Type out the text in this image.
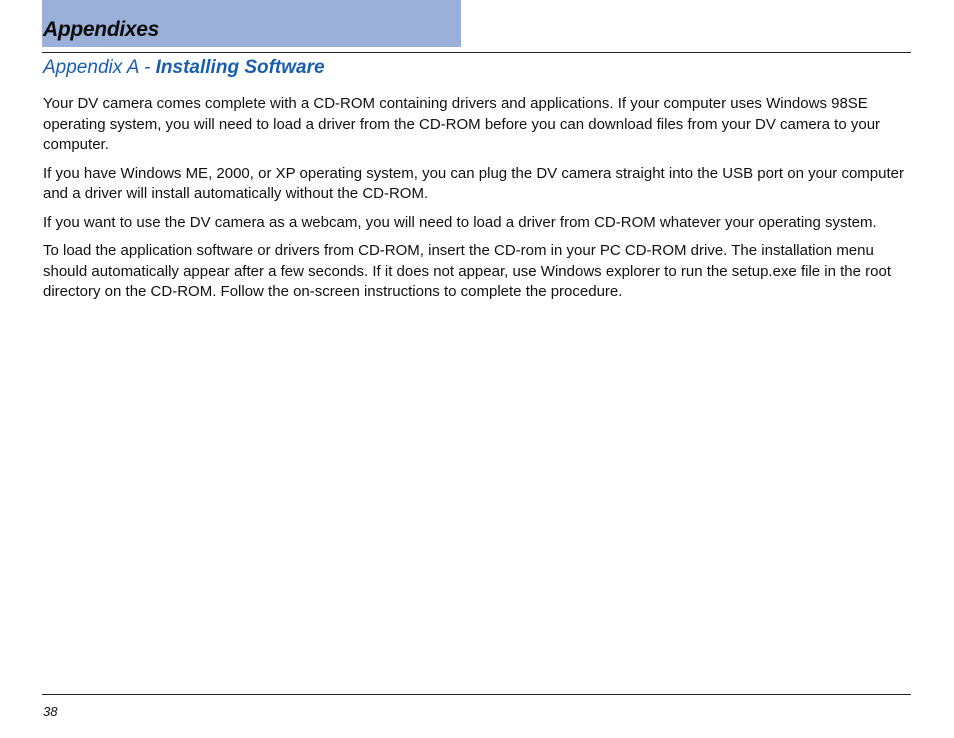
Appendixes
Appendix A - Installing Software

Your DV camera comes complete with a CD-ROM containing drivers and applications. If your computer uses Windows 98SE operating system, you will need to load a driver from the CD-ROM before you can download files from your DV camera to your computer.

If you have Windows ME, 2000, or XP operating system, you can plug the DV camera straight into the USB port on your computer and a driver will install automatically without the CD-ROM.

If you want to use the DV camera as a webcam, you will need to load a driver from CD-ROM whatever your operating system.

To load the application software or drivers from CD-ROM, insert the CD-rom in your PC CD-ROM drive. The installation menu should automatically appear after a few seconds. If it does not appear, use Windows explorer to run the setup.exe file in the root directory on the CD-ROM. Follow the on-screen instructions to complete the procedure.

38
